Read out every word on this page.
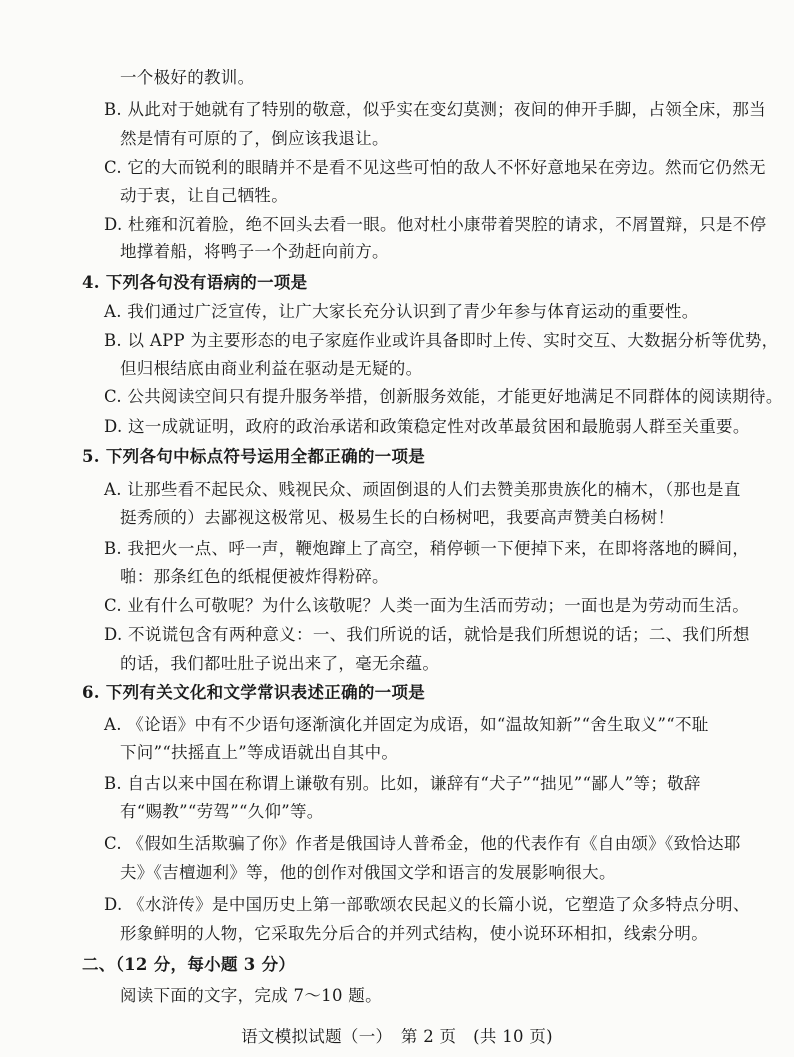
一个极好的教训。
B. 从此对于她就有了特别的敬意，似乎实在变幻莫测；夜间的伸开手脚，占领全床，那当
然是情有可原的了，倒应该我退让。
C. 它的大而锐利的眼睛并不是看不见这些可怕的敌人不怀好意地呆在旁边。然而它仍然无
动于衷，让自己牺牲。
D. 杜雍和沉着脸，绝不回头去看一眼。他对杜小康带着哭腔的请求，不屑置辩，只是不停
地撑着船，将鸭子一个劲赶向前方。
4. 下列各句没有语病的一项是
A. 我们通过广泛宣传，让广大家长充分认识到了青少年参与体育运动的重要性。
B. 以 APP 为主要形态的电子家庭作业或许具备即时上传、实时交互、大数据分析等优势，
但归根结底由商业利益在驱动是无疑的。
C. 公共阅读空间只有提升服务举措，创新服务效能，才能更好地满足不同群体的阅读期待。
D. 这一成就证明，政府的政治承诺和政策稳定性对改革最贫困和最脆弱人群至关重要。
5. 下列各句中标点符号运用全都正确的一项是
A. 让那些看不起民众、贱视民众、顽固倒退的人们去赞美那贵族化的楠木，（那也是直
挺秀颀的）去鄙视这极常见、极易生长的白杨树吧，我要高声赞美白杨树！
B. 我把火一点、呼一声，鞭炮蹿上了高空，稍停顿一下便掉下来，在即将落地的瞬间，
啪：那条红色的纸棍便被炸得粉碎。
C. 业有什么可敬呢？为什么该敬呢？人类一面为生活而劳动；一面也是为劳动而生活。
D. 不说谎包含有两种意义：一、我们所说的话，就恰是我们所想说的话；二、我们所想
的话，我们都吐肚子说出来了，毫无余蕴。
6. 下列有关文化和文学常识表述正确的一项是
A. 《论语》中有不少语句逐渐演化并固定为成语，如“温故知新”“舍生取义”“不耻
下问”“扶摇直上”等成语就出自其中。
B. 自古以来中国在称谓上谦敬有别。比如，谦辞有“犬子”“拙见”“鄙人”等；敬辞
有“赐教”“劳驾”“久仰”等。
C. 《假如生活欺骗了你》作者是俄国诗人普希金，他的代表作有《自由颂》《致恰达耶
夫》《吉檀迦利》等，他的创作对俄国文学和语言的发展影响很大。
D. 《水浒传》是中国历史上第一部歌颂农民起义的长篇小说，它塑造了众多特点分明、
形象鲜明的人物，它采取先分后合的并列式结构，使小说环环相扣，线索分明。
二、（12 分，每小题 3 分）
阅读下面的文字，完成 7～10 题。
语文模拟试题（一）　第 2 页　(共 10 页)
